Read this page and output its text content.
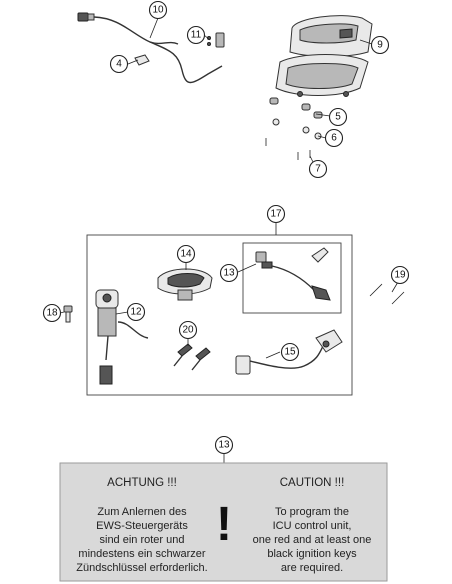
10
11
4
9
5
6
7
17
14
13	19
18	12
20
15
13
ACHTUNG !!!	CAUTION !!!
!
Zum Anlernen des
EWS-Steuergeräts
sind ein roter und
mindestens ein schwarzer
Zündschlüssel erforderlich.
To program the
ICU control unit,
one red and at least one
black ignition keys
are required.
